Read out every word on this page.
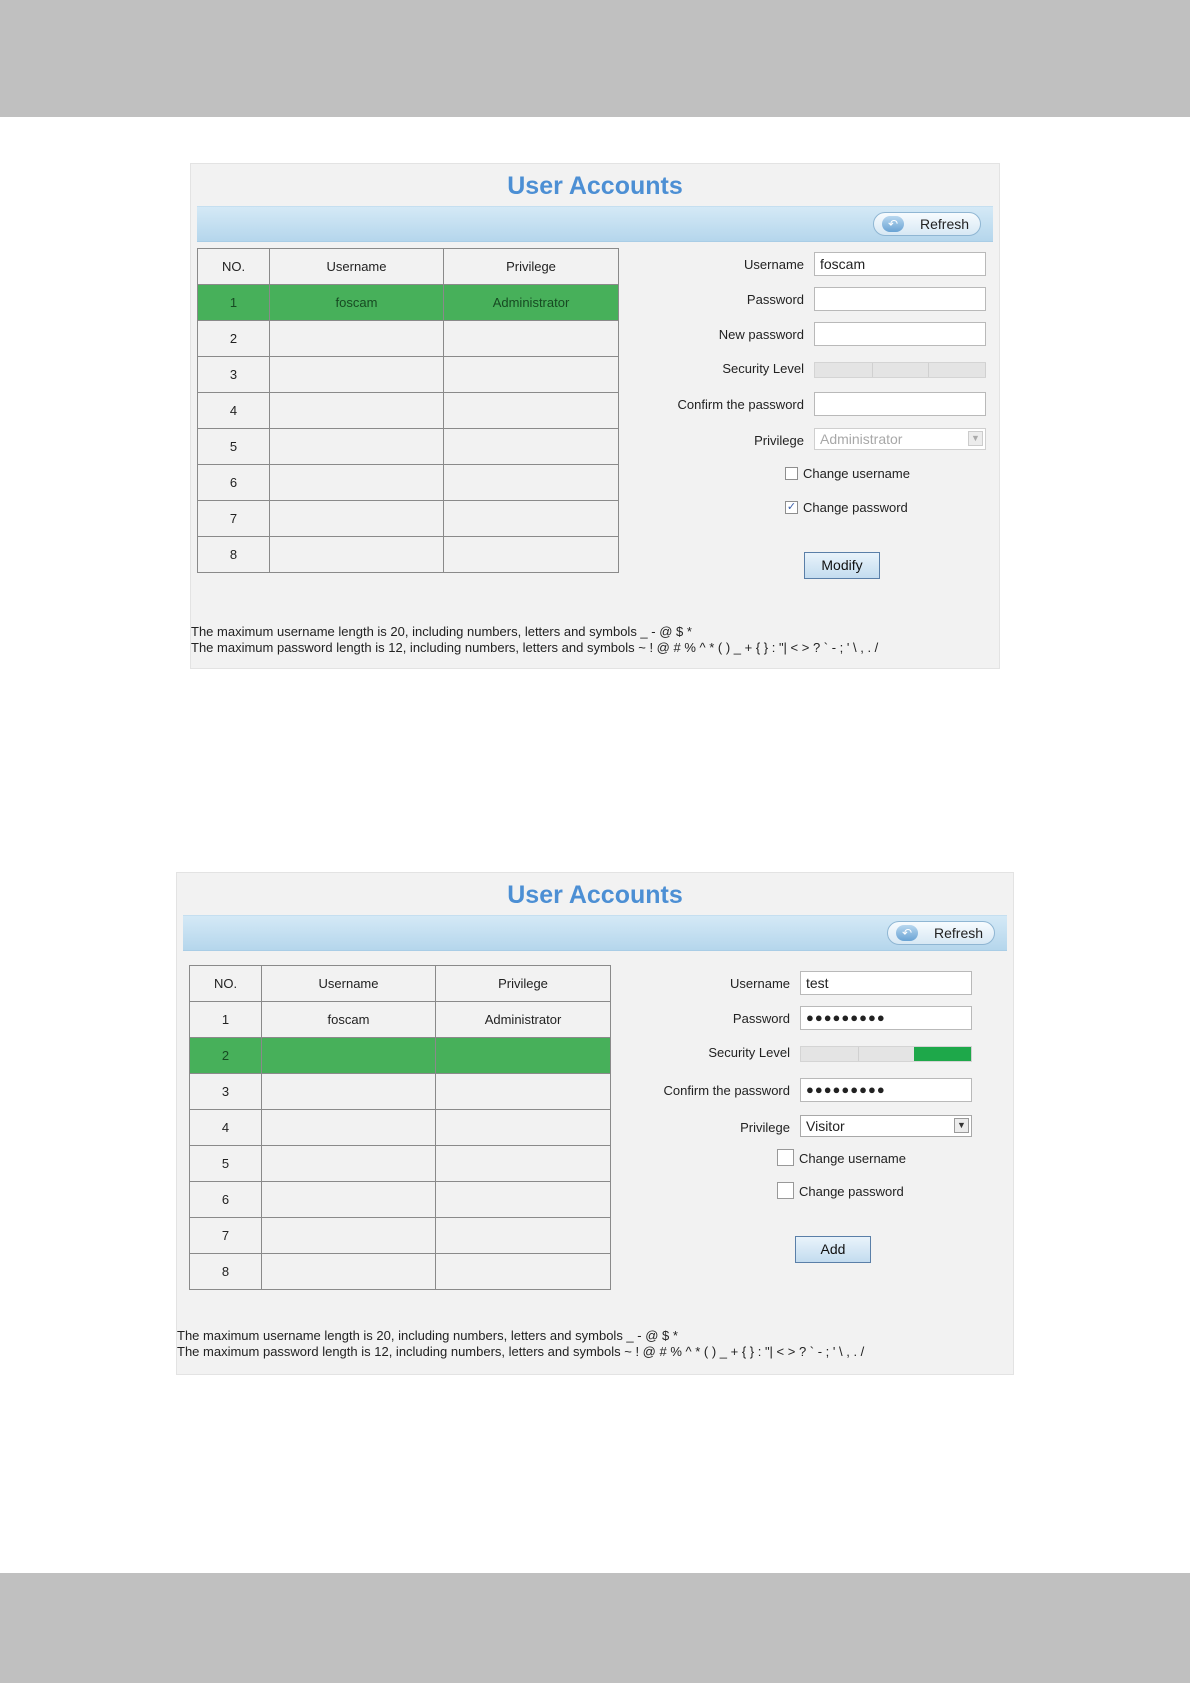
User Accounts
↶	Refresh
NO.	Username	Privilege
1	foscam	Administrator
2		
3		
4		
5		
6		
7		
8		
Username	foscam
Password
New password
Security Level
Confirm the password
Privilege	Administrator	▼
Change username
✓ Change password
Modify
The maximum username length is 20, including numbers, letters and symbols _ - @ $ *
The maximum password length is 12, including numbers, letters and symbols ~ ! @ # % ^ * ( ) _ + { } : "| < > ? ` - ; ' \ , . /
User Accounts
↶	Refresh
NO.	Username	Privilege
1	foscam	Administrator
2		
3		
4		
5		
6		
7		
8		
Username	test
Password	●●●●●●●●●
Security Level
Confirm the password	●●●●●●●●●
Privilege	Visitor	▼
Change username
Change password
Add
The maximum username length is 20, including numbers, letters and symbols _ - @ $ *
The maximum password length is 12, including numbers, letters and symbols ~ ! @ # % ^ * ( ) _ + { } : "| < > ? ` - ; ' \ , . /
